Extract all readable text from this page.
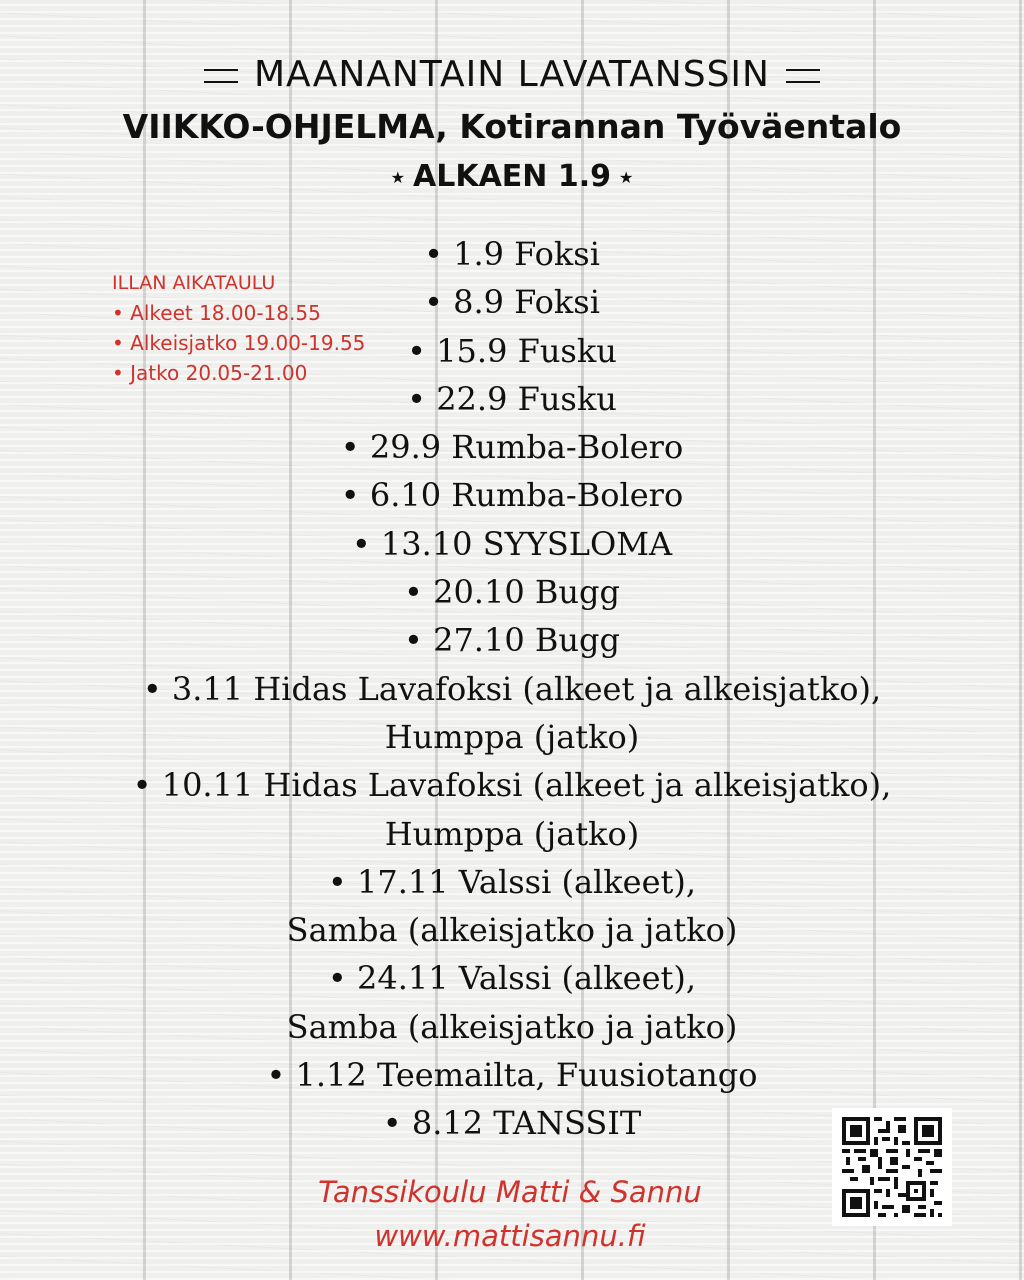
MAANANTAIN LAVATANSSIN
VIIKKO-OHJELMA, Kotirannan Työväentalo
★ ALKAEN 1.9 ★
ILLAN AIKATAULU
• Alkeet 18.00-18.55
• Alkeisjatko 19.00-19.55
• Jatko 20.05-21.00
• 1.9 Foksi
• 8.9 Foksi
• 15.9 Fusku
• 22.9 Fusku
• 29.9 Rumba-Bolero
• 6.10 Rumba-Bolero
• 13.10 SYYSLOMA
• 20.10 Bugg
• 27.10 Bugg
• 3.11 Hidas Lavafoksi (alkeet ja alkeisjatko),
Humppa (jatko)
• 10.11 Hidas Lavafoksi (alkeet ja alkeisjatko),
Humppa (jatko)
• 17.11 Valssi (alkeet),
Samba (alkeisjatko ja jatko)
• 24.11 Valssi (alkeet),
Samba (alkeisjatko ja jatko)
• 1.12 Teemailta, Fuusiotango
• 8.12 TANSSIT
Tanssikoulu Matti & Sannu
www.mattisannu.fi
